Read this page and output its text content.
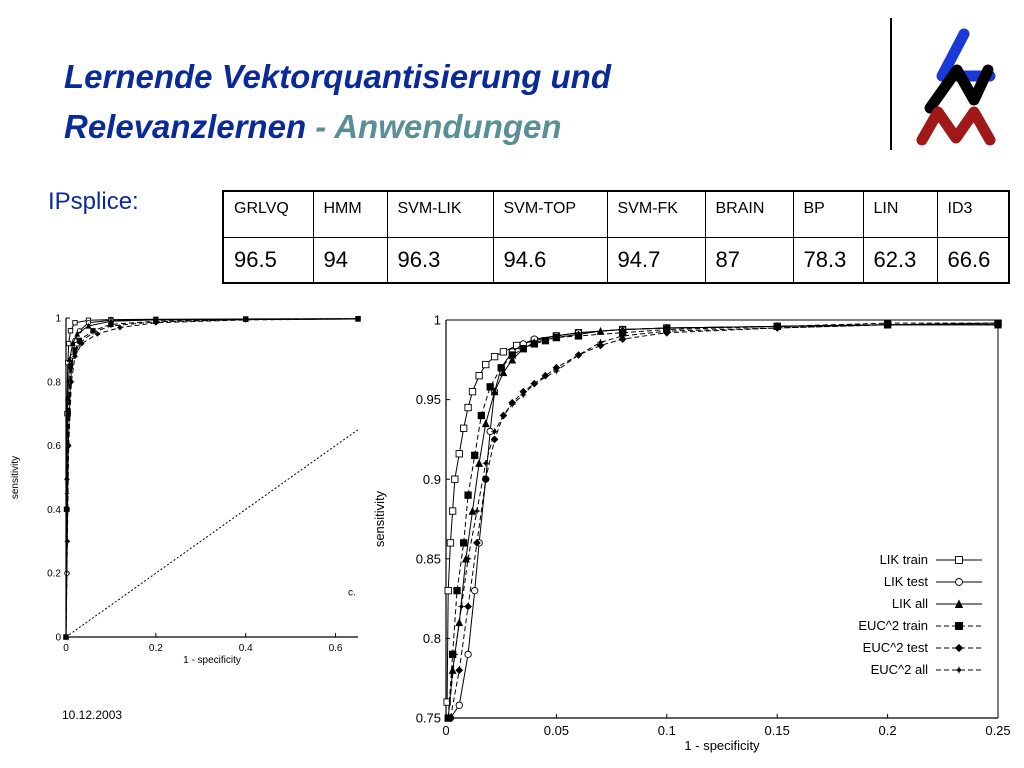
Lernende Vektorquantisierung und
Relevanzlernen - Anwendungen
IPsplice:	GRLVQ	HMM	SVM-LIK	SVM-TOP	SVM-FK	BRAIN	BP	LIN	ID3
96.5	94	96.3	94.6	94.7	87	78.3	62.3	66.6
0	0.2	0.4	0.6
0
0.2
0.4
0.6
0.8
1
1 - specificity
sensitivity
c.
0	0.05	0.1	0.15	0.2	0.25
0.75
0.8
0.85
0.9
0.95
1
1 - specificity
sensitivity
LIK train
LIK test
LIK all
EUC^2 train
EUC^2 test
EUC^2 all
10.12.2003
